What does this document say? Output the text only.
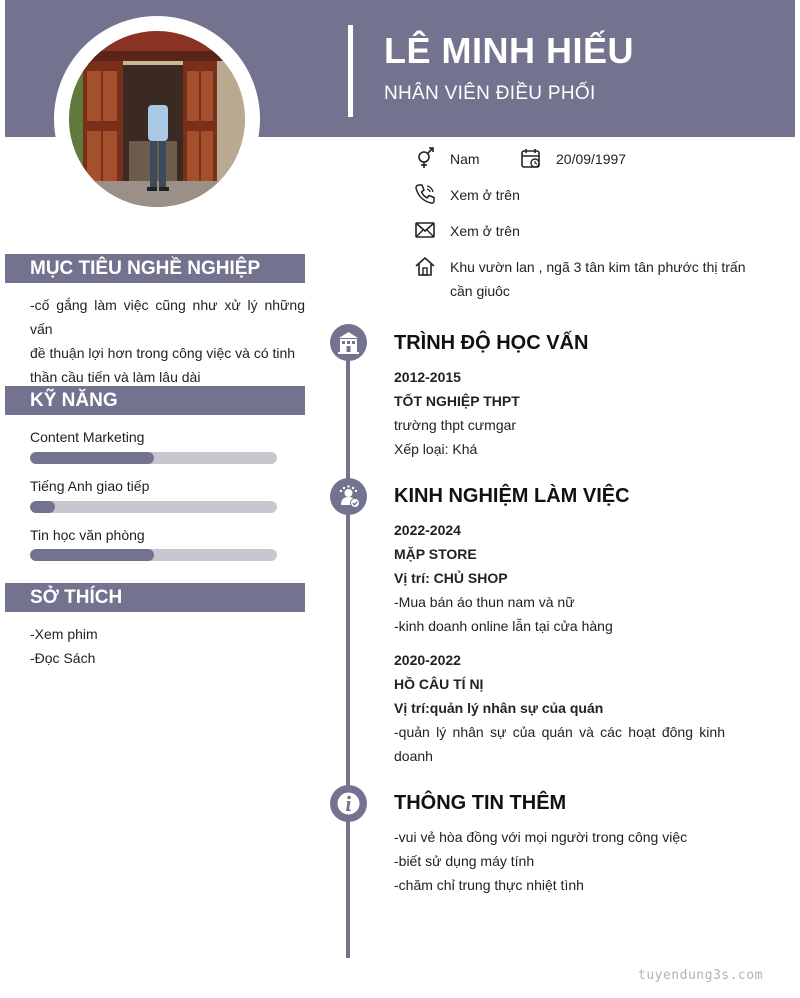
LÊ MINH HIẾU
NHÂN VIÊN ĐIỀU PHỐI
Nam	20/09/1997
Xem ở trên
Xem ở trên
Khu vườn lan , ngã 3 tân kim tân phước thị trấn
cần giuôc
MỤC TIÊU NGHỀ NGHIỆP
-cố gắng làm việc cũng như xử lý những vấn
đề thuận lợi hơn trong công việc và có tinh
thần cầu tiến và làm lâu dài
KỸ NĂNG
Content Marketing
Tiếng Anh giao tiếp
Tin học văn phòng
SỞ THÍCH
-Xem phim
-Đọc Sách
TRÌNH ĐỘ HỌC VẤN
2012-2015
TỐT NGHIỆP THPT
trường thpt cưmgar
Xếp loại: Khá
KINH NGHIỆM LÀM VIỆC
2022-2024
MẶP STORE
Vị trí: CHỦ SHOP
-Mua bán áo thun nam và nữ
-kinh doanh online lẫn tại cửa hàng
2020-2022
HỒ CÂU TÍ NỊ
Vị trí:quản lý nhân sự của quán
-quản lý nhân sự của quán và các hoạt đông kinh
doanh
THÔNG TIN THÊM
-vui vẻ hòa đồng với mọi người trong công việc
-biết sử dụng máy tính
-chăm chỉ trung thực nhiệt tình
tuyendung3s.com
